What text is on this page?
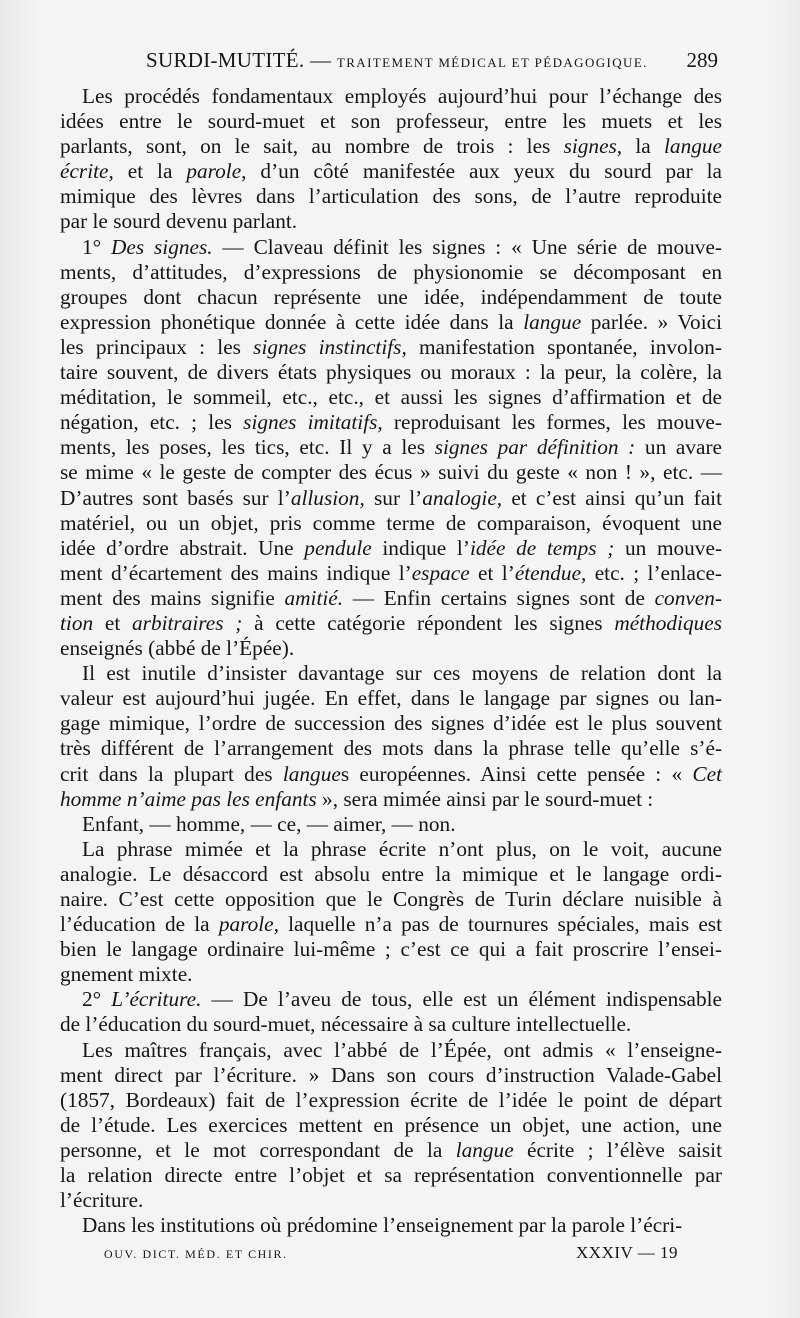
SURDI-MUTITÉ. — TRAITEMENT MÉDICAL ET PÉDAGOGIQUE. 289

Les procédés fondamentaux employés aujourd’hui pour l’échange des
idées entre le sourd-muet et son professeur, entre les muets et les
parlants, sont, on le sait, au nombre de trois : les signes, la langue
écrite, et la parole, d’un côté manifestée aux yeux du sourd par la
mimique des lèvres dans l’articulation des sons, de l’autre reproduite
par le sourd devenu parlant.

1° Des signes. — Claveau définit les signes : « Une série de mouve-
ments, d’attitudes, d’expressions de physionomie se décomposant en
groupes dont chacun représente une idée, indépendamment de toute
expression phonétique donnée à cette idée dans la langue parlée. » Voici
les principaux : les signes instinctifs, manifestation spontanée, involon-
taire souvent, de divers états physiques ou moraux : la peur, la colère, la
méditation, le sommeil, etc., etc., et aussi les signes d’affirmation et de
négation, etc. ; les signes imitatifs, reproduisant les formes, les mouve-
ments, les poses, les tics, etc. Il y a les signes par définition : un avare
se mime « le geste de compter des écus » suivi du geste « non ! », etc. —
D’autres sont basés sur l’allusion, sur l’analogie, et c’est ainsi qu’un fait
matériel, ou un objet, pris comme terme de comparaison, évoquent une
idée d’ordre abstrait. Une pendule indique l’idée de temps ; un mouve-
ment d’écartement des mains indique l’espace et l’étendue, etc. ; l’enlace-
ment des mains signifie amitié. — Enfin certains signes sont de conven-
tion et arbitraires ; à cette catégorie répondent les signes méthodiques
enseignés (abbé de l’Épée).

Il est inutile d’insister davantage sur ces moyens de relation dont la
valeur est aujourd’hui jugée. En effet, dans le langage par signes ou lan-
gage mimique, l’ordre de succession des signes d’idée est le plus souvent
très différent de l’arrangement des mots dans la phrase telle qu’elle s’é-
crit dans la plupart des langues européennes. Ainsi cette pensée : « Cet
homme n’aime pas les enfants », sera mimée ainsi par le sourd-muet :

Enfant, — homme, — ce, — aimer, — non.

La phrase mimée et la phrase écrite n’ont plus, on le voit, aucune
analogie. Le désaccord est absolu entre la mimique et le langage ordi-
naire. C’est cette opposition que le Congrès de Turin déclare nuisible à
l’éducation de la parole, laquelle n’a pas de tournures spéciales, mais est
bien le langage ordinaire lui-même ; c’est ce qui a fait proscrire l’ensei-
gnement mixte.

2° L’écriture. — De l’aveu de tous, elle est un élément indispensable
de l’éducation du sourd-muet, nécessaire à sa culture intellectuelle.

Les maîtres français, avec l’abbé de l’Épée, ont admis « l’enseigne-
ment direct par l’écriture. » Dans son cours d’instruction Valade-Gabel
(1857, Bordeaux) fait de l’expression écrite de l’idée le point de départ
de l’étude. Les exercices mettent en présence un objet, une action, une
personne, et le mot correspondant de la langue écrite ; l’élève saisit
la relation directe entre l’objet et sa représentation conventionnelle par
l’écriture.

Dans les institutions où prédomine l’enseignement par la parole l’écri-

OUV. DICT. MÉD. ET CHIR.	XXXIV — 19
